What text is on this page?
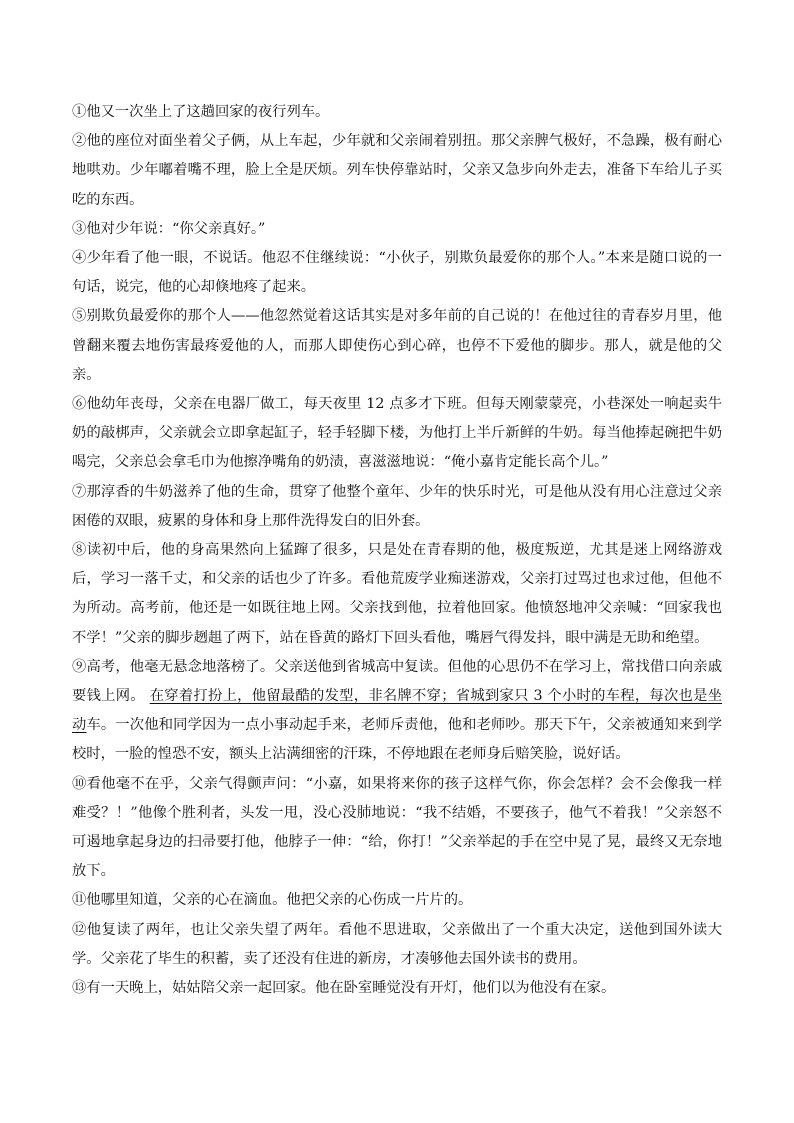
①他又一次坐上了这趟回家的夜行列车。

②他的座位对面坐着父子俩，从上车起，少年就和父亲闹着别扭。那父亲脾气极好，不急躁，极有耐心地哄劝。少年嘟着嘴不理，脸上全是厌烦。列车快停靠站时，父亲又急步向外走去，准备下车给儿子买吃的东西。

③他对少年说：“你父亲真好。”

④少年看了他一眼，不说话。他忍不住继续说：“小伙子，别欺负最爱你的那个人。”本来是随口说的一句话，说完，他的心却倏地疼了起来。

⑤别欺负最爱你的那个人——他忽然觉着这话其实是对多年前的自己说的！在他过往的青春岁月里，他曾翻来覆去地伤害最疼爱他的人，而那人即使伤心到心碎，也停不下爱他的脚步。那人，就是他的父亲。

⑥他幼年丧母，父亲在电器厂做工，每天夜里 12 点多才下班。但每天刚蒙蒙亮，小巷深处一响起卖牛奶的敲梆声，父亲就会立即拿起缸子，轻手轻脚下楼，为他打上半斤新鲜的牛奶。每当他捧起碗把牛奶喝完，父亲总会拿毛巾为他擦净嘴角的奶渍，喜滋滋地说：“俺小嘉肯定能长高个儿。”

⑦那淳香的牛奶滋养了他的生命，贯穿了他整个童年、少年的快乐时光，可是他从没有用心注意过父亲困倦的双眼，疲累的身体和身上那件洗得发白的旧外套。

⑧读初中后，他的身高果然向上猛蹿了很多，只是处在青春期的他，极度叛逆，尤其是迷上网络游戏后，学习一落千丈，和父亲的话也少了许多。看他荒废学业痴迷游戏，父亲打过骂过也求过他，但他不为所动。高考前，他还是一如既往地上网。父亲找到他，拉着他回家。他愤怒地冲父亲喊：“回家我也不学！”父亲的脚步趔趄了两下，站在昏黄的路灯下回头看他，嘴唇气得发抖，眼中满是无助和绝望。

⑨高考，他毫无悬念地落榜了。父亲送他到省城高中复读。但他的心思仍不在学习上，常找借口向亲戚要钱上网。 在穿着打扮上，他留最酷的发型，非名牌不穿；省城到家只 3 个小时的车程，每次也是坐动车。一次他和同学因为一点小事动起手来，老师斥责他，他和老师吵。那天下午，父亲被通知来到学校时，一脸的惶恐不安，额头上沾满细密的汗珠，不停地跟在老师身后赔笑脸，说好话。

⑩看他毫不在乎，父亲气得颤声问：“小嘉，如果将来你的孩子这样气你，你会怎样？会不会像我一样难受？！”他像个胜利者，头发一甩，没心没肺地说：“我不结婚，不要孩子，他气不着我！”父亲怒不可遏地拿起身边的扫帚要打他，他脖子一伸：“给，你打！”父亲举起的手在空中晃了晃，最终又无奈地放下。

⑪他哪里知道，父亲的心在滴血。他把父亲的心伤成一片片的。

⑫他复读了两年，也让父亲失望了两年。看他不思进取，父亲做出了一个重大决定，送他到国外读大学。父亲花了毕生的积蓄，卖了还没有住进的新房，才凑够他去国外读书的费用。

⑬有一天晚上，姑姑陪父亲一起回家。他在卧室睡觉没有开灯，他们以为他没有在家。
